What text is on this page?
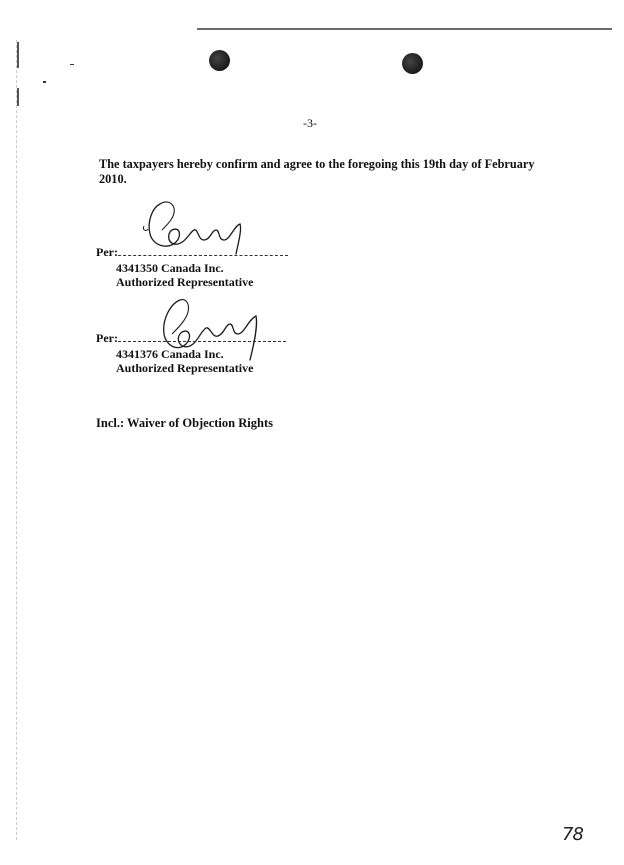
-3-
The taxpayers hereby confirm and agree to the foregoing this 19th day of February 2010.
Per:
4341350 Canada Inc.
Authorized Representative
Per:
4341376 Canada Inc.
Authorized Representative
Incl.: Waiver of Objection Rights
78
